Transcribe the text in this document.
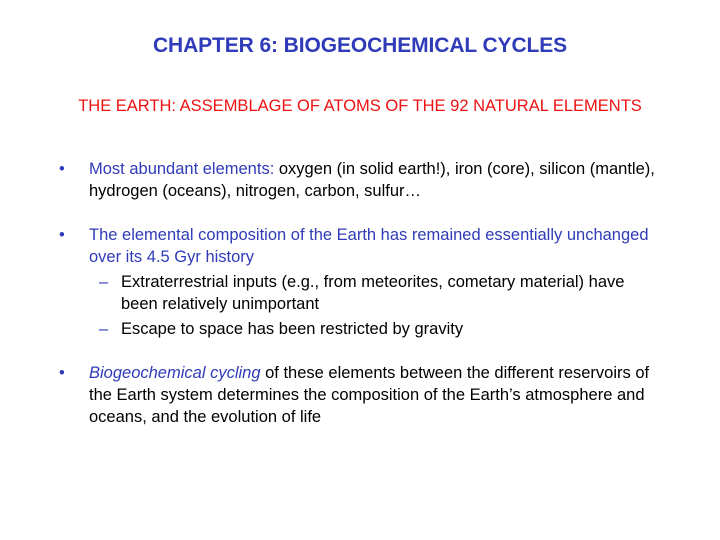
CHAPTER 6: BIOGEOCHEMICAL CYCLES
THE EARTH: ASSEMBLAGE OF ATOMS OF THE 92 NATURAL ELEMENTS
•	Most abundant elements: oxygen (in solid earth!), iron (core), silicon (mantle), hydrogen (oceans), nitrogen, carbon, sulfur…
•	The elemental composition of the Earth has remained essentially unchanged over its 4.5 Gyr history
– Extraterrestrial inputs (e.g., from meteorites, cometary material) have been relatively unimportant
– Escape to space has been restricted by gravity
•	Biogeochemical cycling of these elements between the different reservoirs of the Earth system determines the composition of the Earth’s atmosphere and oceans, and the evolution of life
